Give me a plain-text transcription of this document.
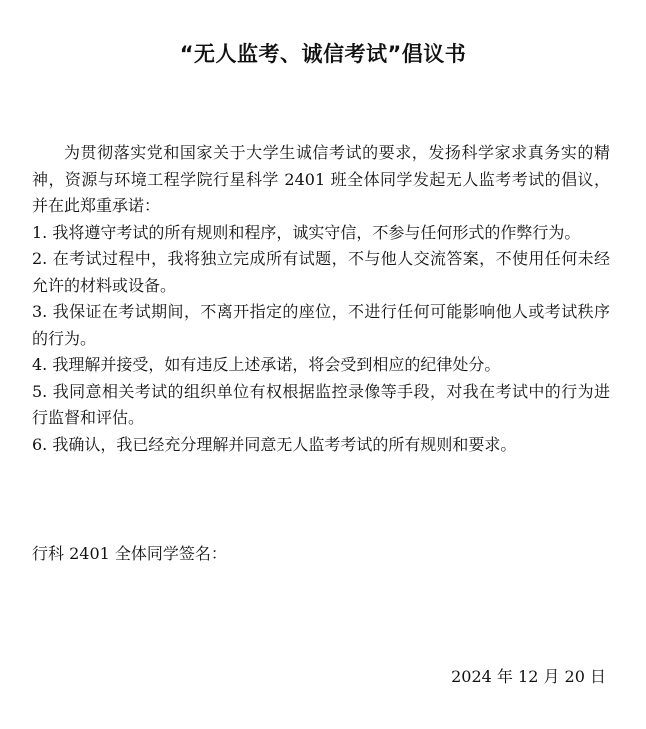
“无人监考、诚信考试”倡议书

为贯彻落实党和国家关于大学生诚信考试的要求，发扬科学家求真务实的精神，资源与环境工程学院行星科学 2401 班全体同学发起无人监考考试的倡议，并在此郑重承诺：

1. 我将遵守考试的所有规则和程序，诚实守信，不参与任何形式的作弊行为。

2. 在考试过程中，我将独立完成所有试题，不与他人交流答案，不使用任何未经允许的材料或设备。

3. 我保证在考试期间，不离开指定的座位，不进行任何可能影响他人或考试秩序的行为。

4. 我理解并接受，如有违反上述承诺，将会受到相应的纪律处分。

5. 我同意相关考试的组织单位有权根据监控录像等手段，对我在考试中的行为进行监督和评估。

6. 我确认，我已经充分理解并同意无人监考考试的所有规则和要求。

行科 2401 全体同学签名：
2024 年 12 月 20 日
